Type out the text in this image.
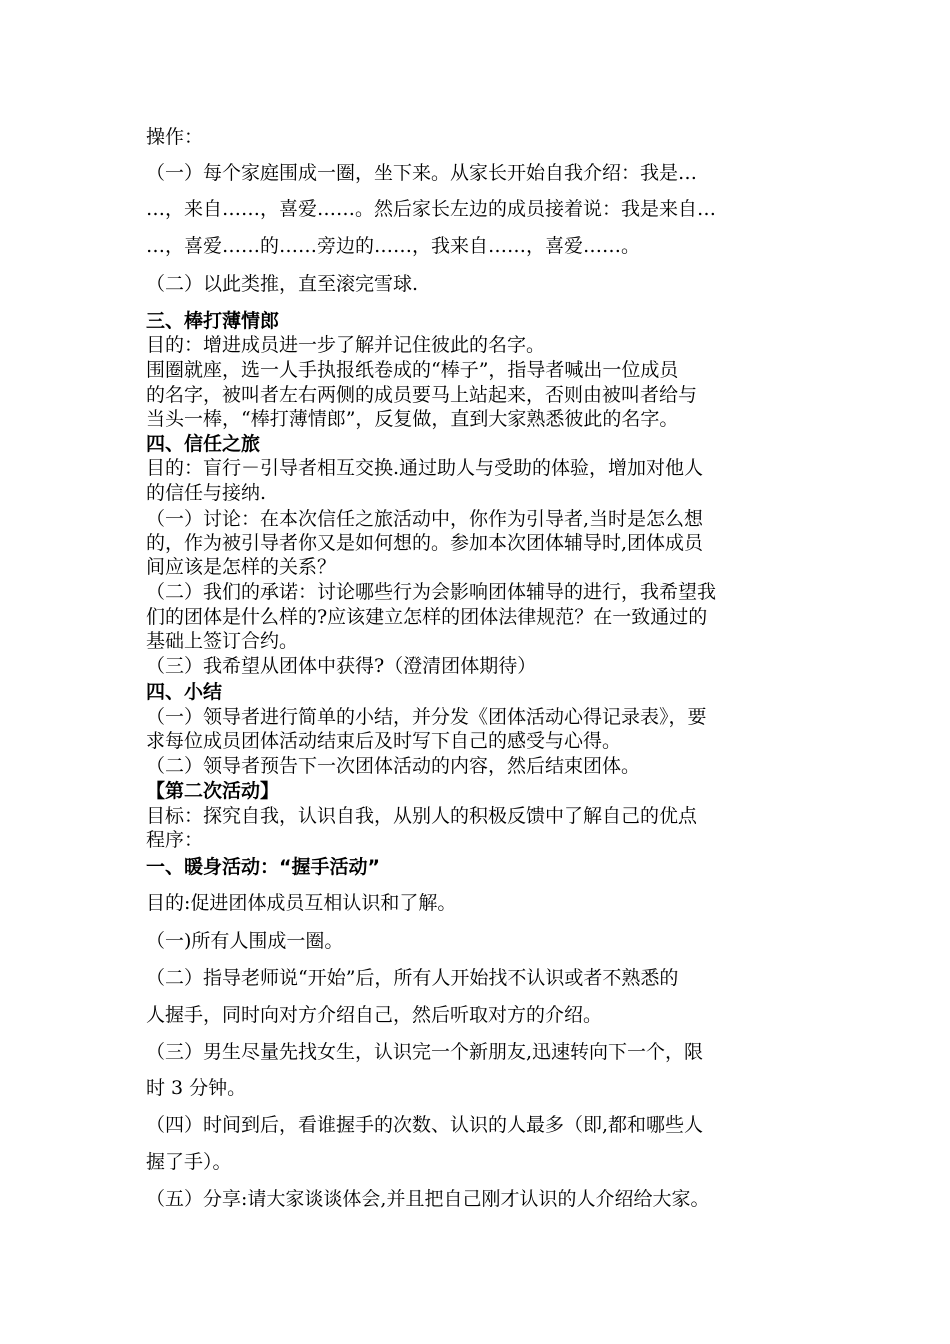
操作：
（一）每个家庭围成一圈，坐下来。从家长开始自我介绍：我是…
…，来自……，喜爱……。然后家长左边的成员接着说：我是来自…
…，喜爱……的……旁边的……，我来自……，喜爱……。
（二）以此类推，直至滚完雪球.
三、棒打薄情郎
目的：增进成员进一步了解并记住彼此的名字。
围圈就座，选一人手执报纸卷成的“棒子”，指导者喊出一位成员
的名字，被叫者左右两侧的成员要马上站起来，否则由被叫者给与
当头一棒，“棒打薄情郎”，反复做，直到大家熟悉彼此的名字。
四、信任之旅
目的：盲行－引导者相互交换.通过助人与受助的体验，增加对他人
的信任与接纳.
（一）讨论：在本次信任之旅活动中，你作为引导者,当时是怎么想
的，作为被引导者你又是如何想的。参加本次团体辅导时,团体成员
间应该是怎样的关系？
（二）我们的承诺：讨论哪些行为会影响团体辅导的进行，我希望我
们的团体是什么样的?应该建立怎样的团体法律规范？在一致通过的
基础上签订合约。
（三）我希望从团体中获得?（澄清团体期待）
四、小结
（一）领导者进行简单的小结，并分发《团体活动心得记录表》，要
求每位成员团体活动结束后及时写下自己的感受与心得。
（二）领导者预告下一次团体活动的内容，然后结束团体。
【第二次活动】
目标：探究自我，认识自我，从别人的积极反馈中了解自己的优点
程序：
一、暖身活动：“握手活动”
目的:促进团体成员互相认识和了解。
（一)所有人围成一圈。
（二）指导老师说“开始”后，所有人开始找不认识或者不熟悉的
人握手，同时向对方介绍自己，然后听取对方的介绍。
（三）男生尽量先找女生，认识完一个新朋友,迅速转向下一个，限
时 3 分钟。
（四）时间到后，看谁握手的次数、认识的人最多（即,都和哪些人
握了手）。
（五）分享:请大家谈谈体会,并且把自己刚才认识的人介绍给大家。
